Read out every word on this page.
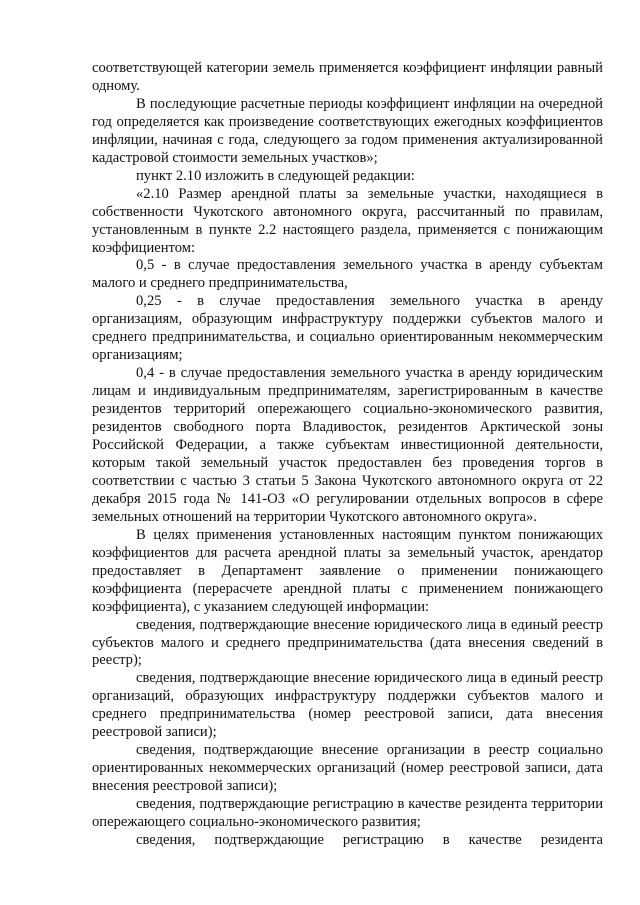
соответствующей категории земель применяется коэффициент инфляции равный одному.

В последующие расчетные периоды коэффициент инфляции на очередной год определяется как произведение соответствующих ежегодных коэффициентов инфляции, начиная с года, следующего за годом применения актуализированной кадастровой стоимости земельных участков»;

пункт 2.10 изложить в следующей редакции:

«2.10 Размер арендной платы за земельные участки, находящиеся в собственности Чукотского автономного округа, рассчитанный по правилам, установленным в пункте 2.2 настоящего раздела, применяется с понижающим коэффициентом:

0,5 - в случае предоставления земельного участка в аренду субъектам малого и среднего предпринимательства,

0,25 - в случае предоставления земельного участка в аренду организациям, образующим инфраструктуру поддержки субъектов малого и среднего предпринимательства, и социально ориентированным некоммерческим организациям;

0,4 - в случае предоставления земельного участка в аренду юридическим лицам и индивидуальным предпринимателям, зарегистрированным в качестве резидентов территорий опережающего социально-экономического развития, резидентов свободного порта Владивосток, резидентов Арктической зоны Российской Федерации, а также субъектам инвестиционной деятельности, которым такой земельный участок предоставлен без проведения торгов в соответствии с частью 3 статьи 5 Закона Чукотского автономного округа от 22 декабря 2015 года № 141-ОЗ «О регулировании отдельных вопросов в сфере земельных отношений на территории Чукотского автономного округа».

В целях применения установленных настоящим пунктом понижающих коэффициентов для расчета арендной платы за земельный участок, арендатор предоставляет в Департамент заявление о применении понижающего коэффициента (перерасчете арендной платы с применением понижающего коэффициента), с указанием следующей информации:

сведения, подтверждающие внесение юридического лица в единый реестр субъектов малого и среднего предпринимательства (дата внесения сведений в реестр);

сведения, подтверждающие внесение юридического лица в единый реестр организаций, образующих инфраструктуру поддержки субъектов малого и среднего предпринимательства (номер реестровой записи, дата внесения реестровой записи);

сведения, подтверждающие внесение организации в реестр социально ориентированных некоммерческих организаций (номер реестровой записи, дата внесения реестровой записи);

сведения, подтверждающие регистрацию в качестве резидента территории опережающего социально-экономического развития;

сведения, подтверждающие регистрацию в качестве резидента
